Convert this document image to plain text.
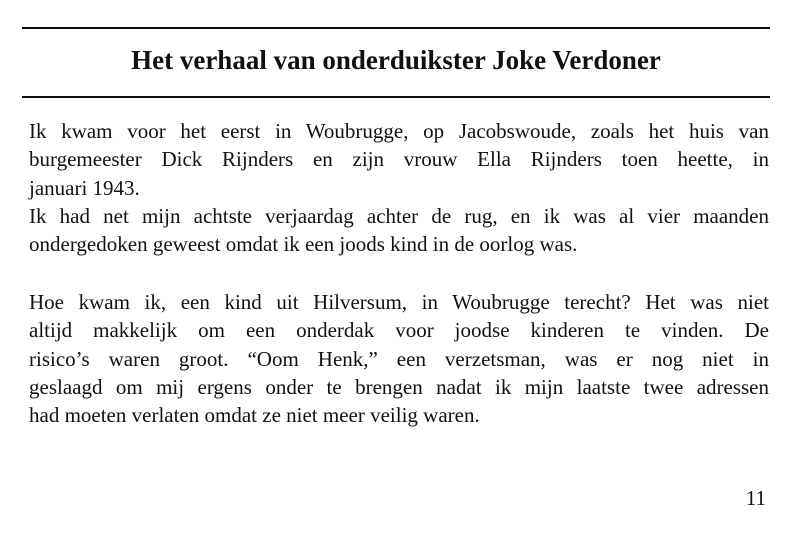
Het verhaal van onderduikster Joke Verdoner
Ik kwam voor het eerst in Woubrugge, op Jacobswoude, zoals het huis van
burgemeester Dick Rijnders en zijn vrouw Ella Rijnders toen heette, in
januari 1943.
Ik had net mijn achtste verjaardag achter de rug, en ik was al vier maanden
ondergedoken geweest omdat ik een joods kind in de oorlog was.
Hoe kwam ik, een kind uit Hilversum, in Woubrugge terecht? Het was niet
altijd makkelijk om een onderdak voor joodse kinderen te vinden. De
risico’s waren groot. “Oom Henk,” een verzetsman, was er nog niet in
geslaagd om mij ergens onder te brengen nadat ik mijn laatste twee adressen
had moeten verlaten omdat ze niet meer veilig waren.
11
